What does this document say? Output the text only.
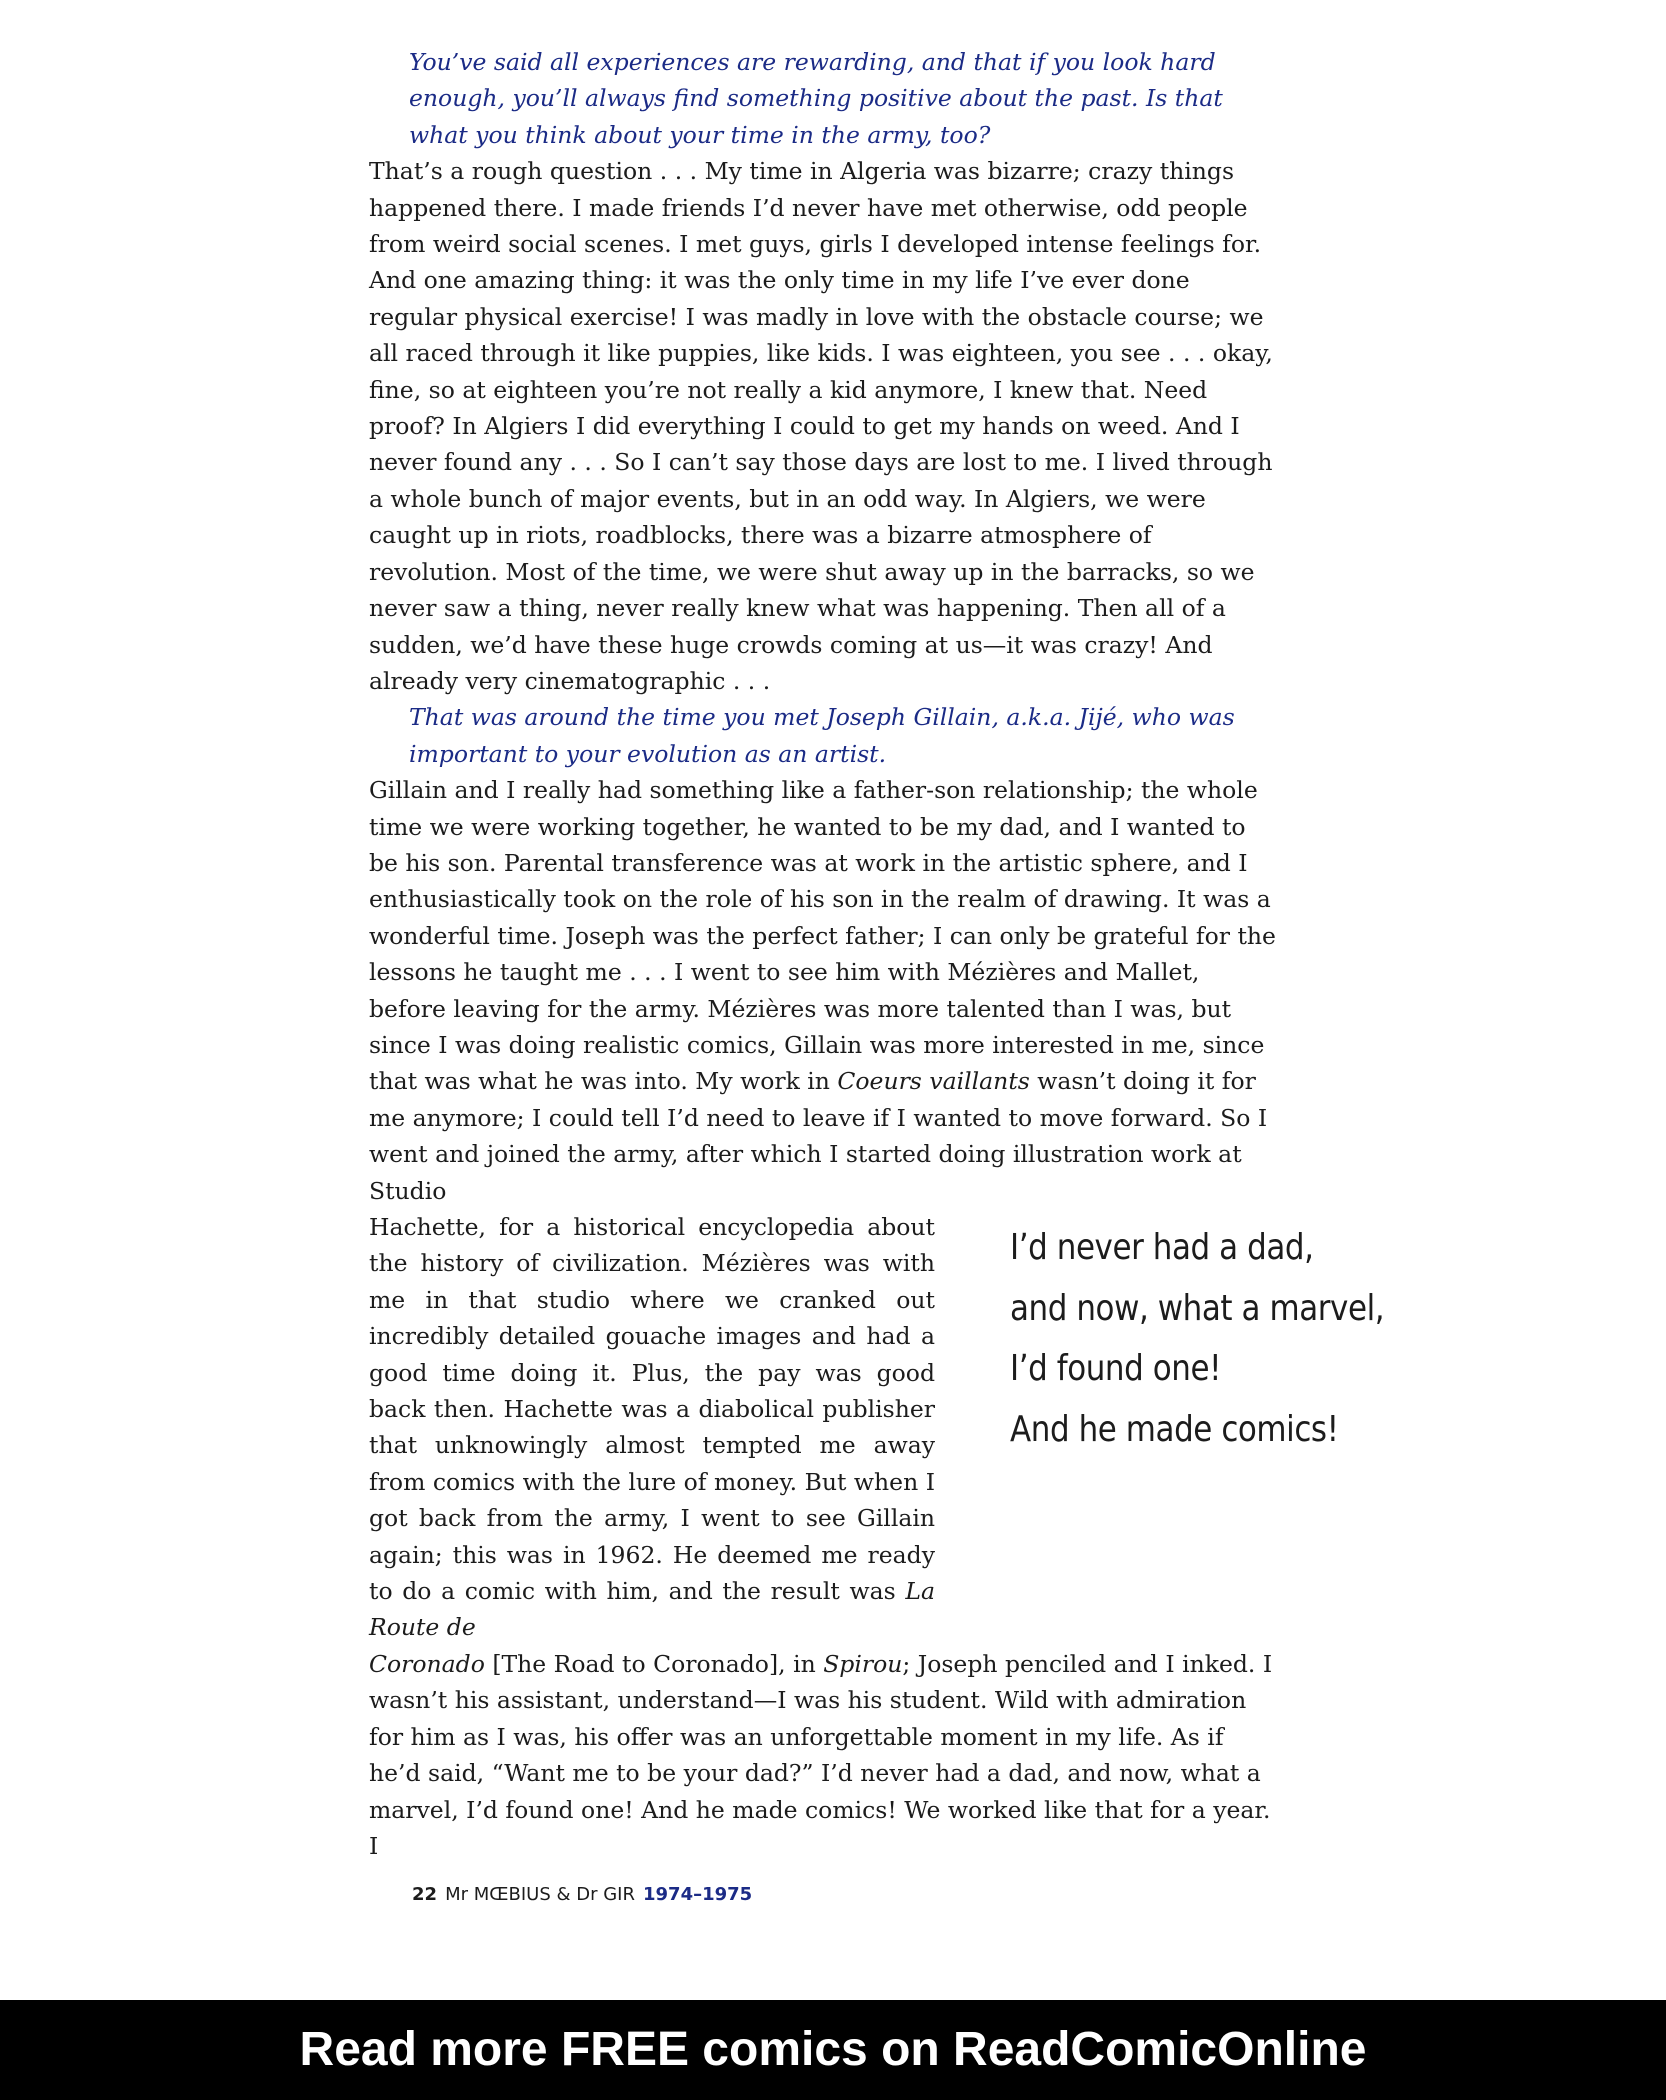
You’ve said all experiences are rewarding, and that if you look hard enough, you’ll always find something positive about the past. Is that what you think about your time in the army, too?

That’s a rough question . . . My time in Algeria was bizarre; crazy things happened there. I made friends I’d never have met otherwise, odd people from weird social scenes. I met guys, girls I developed intense feelings for. And one amazing thing: it was the only time in my life I’ve ever done regular physical exercise! I was madly in love with the obstacle course; we all raced through it like puppies, like kids. I was eighteen, you see . . . okay, fine, so at eighteen you’re not really a kid anymore, I knew that. Need proof? In Algiers I did everything I could to get my hands on weed. And I never found any . . . So I can’t say those days are lost to me. I lived through a whole bunch of major events, but in an odd way. In Algiers, we were caught up in riots, roadblocks, there was a bizarre atmosphere of revolution. Most of the time, we were shut away up in the barracks, so we never saw a thing, never really knew what was happening. Then all of a sudden, we’d have these huge crowds coming at us—it was crazy! And already very cinematographic . . .

That was around the time you met Joseph Gillain, a.k.a. Jijé, who was important to your evolution as an artist.

Gillain and I really had something like a father-son relationship; the whole time we were working together, he wanted to be my dad, and I wanted to be his son. Parental transference was at work in the artistic sphere, and I enthusiastically took on the role of his son in the realm of drawing. It was a wonderful time. Joseph was the perfect father; I can only be grateful for the lessons he taught me . . . I went to see him with Mézières and Mallet, before leaving for the army. Mézières was more talented than I was, but since I was doing realistic comics, Gillain was more interested in me, since that was what he was into. My work in Coeurs vaillants wasn’t doing it for me anymore; I could tell I’d need to leave if I wanted to move forward. So I went and joined the army, after which I started doing illustration work at Studio

Hachette, for a historical encyclopedia about the history of civilization. Mézières was with me in that studio where we cranked out incredibly detailed gouache images and had a good time doing it. Plus, the pay was good back then. Hachette was a diabolical publisher that unknowingly almost tempted me away from comics with the lure of money. But when I got back from the army, I went to see Gillain again; this was in 1962. He deemed me ready to do a comic with him, and the result was La Route de

Coronado [The Road to Coronado], in Spirou; Joseph penciled and I inked. I wasn’t his assistant, understand—I was his student. Wild with admiration for him as I was, his offer was an unforgettable moment in my life. As if he’d said, “Want me to be your dad?” I’d never had a dad, and now, what a marvel, I’d found one! And he made comics! We worked like that for a year. I

I’d never had a dad,
and now, what a marvel,
I’d found one!
And he made comics!
22 Mr MŒBIUS & Dr GIR 1974–1975
Read more FREE comics on ReadComicOnline
